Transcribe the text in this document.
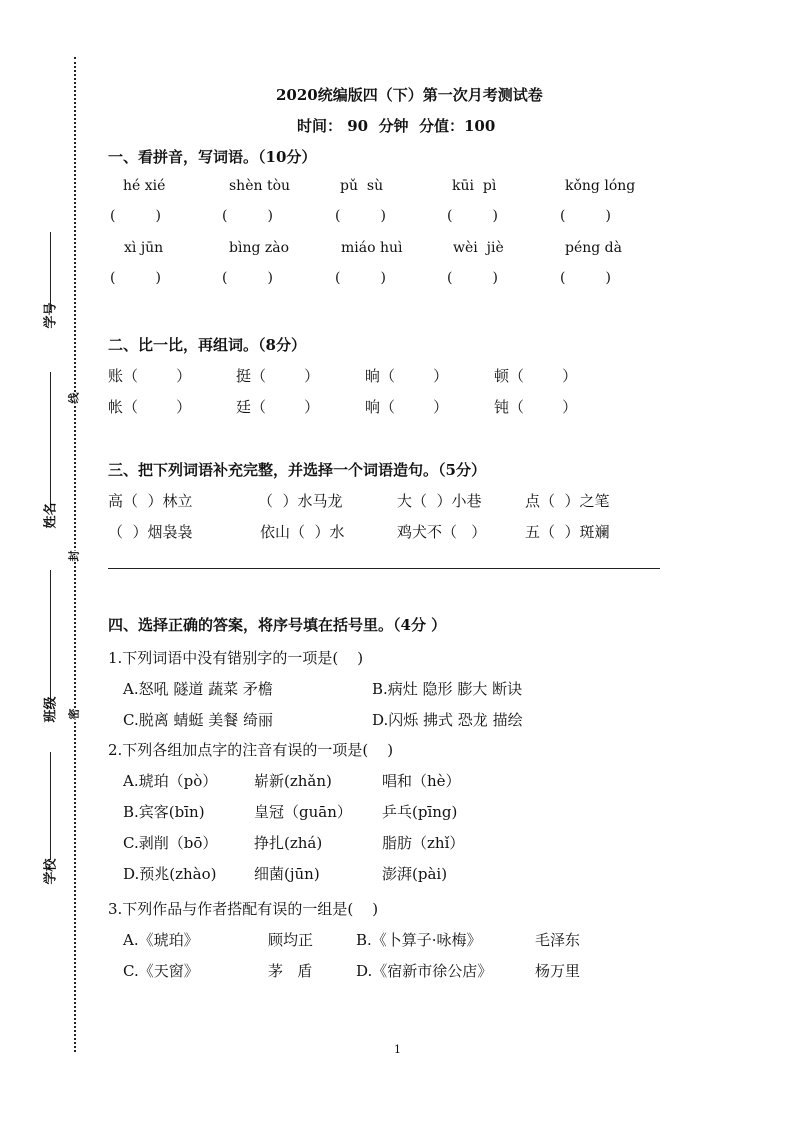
学号
姓名
班级
学校
线
封
密
2020统编版四（下）第一次月考测试卷
时间： 90  分钟  分值：100
一、看拼音，写词语。（10分）
hé xié	shèn tòu	pǔ  sù	kūi  pì	kǒng lóng
(         )	(         )	(         )	(         )	(         )
xì jūn	bìng zào	miáo huì	wèi  jiè	péng dà
(         )	(         )	(         )	(         )	(         )
二、比一比，再组词。（8分）
账（        ）	挺（        ）	晌（        ）	顿（        ）
帐（        ）	廷（        ）	响（        ）	钝（        ）
三、把下列词语补充完整，并选择一个词语造句。（5分）
高（  ）林立	（  ）水马龙	大（  ）小巷	点（  ）之笔
（  ）烟袅袅	依山（  ）水	鸡犬不（   ）	五（  ）斑斓
四、选择正确的答案，将序号填在括号里。（4分 ）
1.下列词语中没有错别字的一项是(    )
A.怒吼 隧道 蔬菜 矛檐	B.病灶 隐形 膨大 断诀
C.脱离 蜻蜓 美餐 绮丽	D.闪烁 拂式 恐龙 描绘
2.下列各组加点字的注音有误的一项是(    )
A.琥珀（pò） 崭新(zhǎn)	唱和（hè）
B.宾客(bīn)	皇冠（guān） 乒乓(pīng)
C.剥削（bō） 挣扎(zhá)	脂肪（zhǐ）
D.预兆(zhào) 细菌(jūn)	澎湃(pài)
3.下列作品与作者搭配有误的一组是(    )
A.《琥珀》	顾均正	B.《卜算子·咏梅》	毛泽东
C.《天窗》	茅   盾	D.《宿新市徐公店》	杨万里
1
